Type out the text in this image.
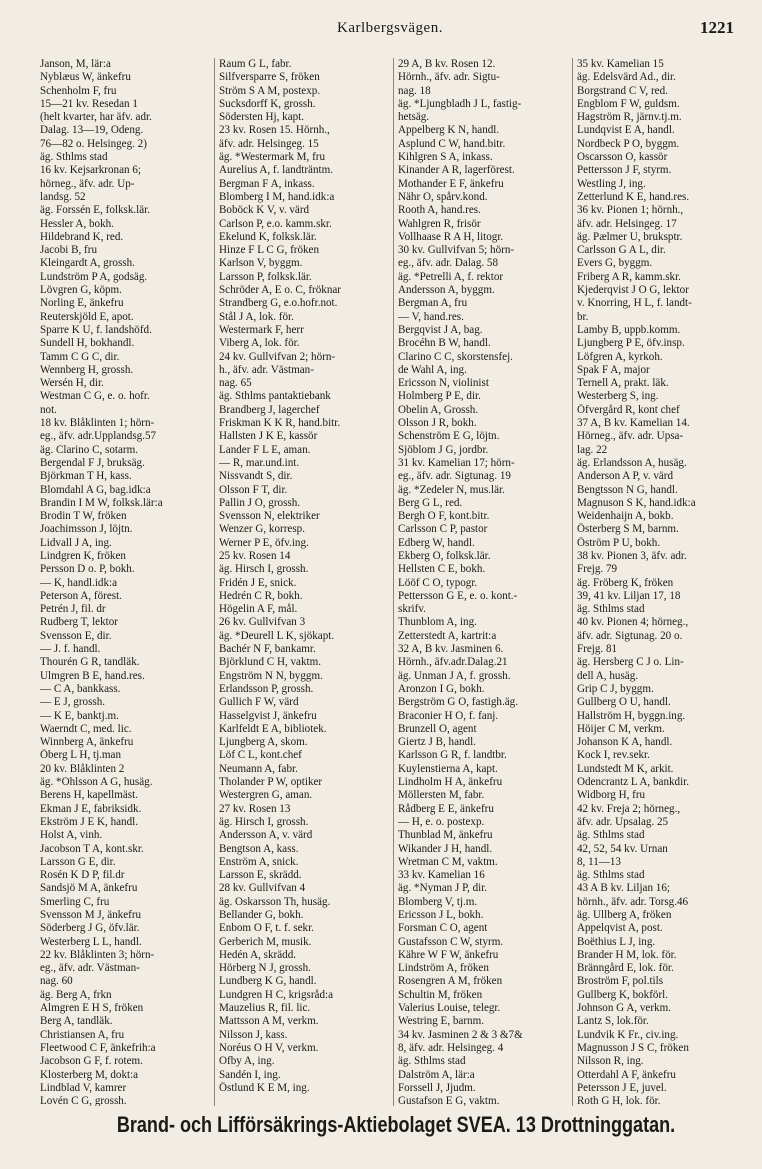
Karlbergsvägen.	1221
Janson, M, lär:a
Nyblæus W, änkefru
Schenholm F, fru
15—21 kv. Resedan 1
(helt kvarter, har äfv. adr.
Dalag. 13—19, Odeng.
76—82 o. Helsingeg. 2)
äg. Sthlms stad
16 kv. Kejsarkronan 6;
hörneg., äfv. adr. Up-
landsg. 52
äg. Forssén E, folksk.lär.
Hessler A, bokh.
Hildebrand K, red.
Jacobi B, fru
Kleingardt A, grossh.
Lundström P A, godsäg.
Lövgren G, köpm.
Norling E, änkefru
Reuterskjöld E, apot.
Sparre K U, f. landshöfd.
Sundell H, bokhandl.
Tamm C G C, dir.
Wennberg H, grossh.
Wersén H, dir.
Westman C G, e. o. hofr.
not.
18 kv. Blåklinten 1; hörn-
eg., äfv. adr.Upplandsg.57
äg. Clarino C, sotarm.
Bergendal F J, bruksäg.
Björkman T H, kass.
Blomdahl A G, bag.idk:a
Brandin I M W, folksk.lär:a
Brodin T W, fröken
Joachimsson J, löjtn.
Lidvall J A, ing.
Lindgren K, fröken
Persson D o. P, bokh.
— K, handl.idk:a
Peterson A, förest.
Petrén J, fil. dr
Rudberg T, lektor
Svensson E, dir.
— J. f. handl.
Thourén G R, tandläk.
Ulmgren B E, hand.res.
— C A, bankkass.
— E J, grossh.
— K E, banktj.m.
Waerndt C, med. lic.
Winnberg A, änkefru
Öberg L H, tj.man
20 kv. Blåklinten 2
äg. *Ohlsson A G, husäg.
Berens H, kapellmäst.
Ekman J E, fabriksidk.
Ekström J E K, handl.
Holst A, vinh.
Jacobson T A, kont.skr.
Larsson G E, dir.
Rosén K D P, fil.dr
Sandsjö M A, änkefru
Smerling C, fru
Svensson M J, änkefru
Söderberg J G, öfv.lär.
Westerberg L L, handl.
22 kv. Blåklinten 3; hörn-
eg., äfv. adr. Västman-
nag. 60
äg. Berg A, frkn
Almgren E H S, fröken
Berg A, tandläk.
Christiansen A, fru
Fleetwood C F, änkefrih:a
Jacobson G F, f. rotem.
Klosterberg M, dokt:a
Lindblad V, kamrer
Lovén C G, grossh.
Raum G L, fabr.
Silfversparre S, fröken
Ström S A M, postexp.
Sucksdorff K, grossh.
Södersten Hj, kapt.
23 kv. Rosen 15. Hörnh.,
äfv. adr. Helsingeg. 15
äg. *Westermark M, fru
Aurelius A, f. landträntm.
Bergman F A, inkass.
Blomberg I M, hand.idk:a
Boböck K V, v. värd
Carlson P, e.o. kamm.skr.
Ekelund K, folksk.lär.
Hinze F L C G, fröken
Karlson V, byggm.
Larsson P, folksk.lär.
Schröder A, E o. C, fröknar
Strandberg G, e.o.hofr.not.
Stål J A, lok. för.
Westermark F, herr
Viberg A, lok. för.
24 kv. Gullvifvan 2; hörn-
h., äfv. adr. Västman-
nag. 65
äg. Sthlms pantaktiebank
Brandberg J, lagerchef
Friskman K K R, hand.bitr.
Hallsten J K E, kassör
Lander F L E, aman.
— R, mar.und.int.
Nissvandt S, dir.
Olsson F T, dir.
Pallin J O, grossh.
Svensson N, elektriker
Wenzer G, korresp.
Werner P E, öfv.ing.
25 kv. Rosen 14
äg. Hirsch I, grossh.
Fridén J E, snick.
Hedrén C R, bokh.
Högelin A F, mål.
26 kv. Gullvifvan 3
äg. *Deurell L K, sjökapt.
Bachér N F, bankamr.
Björklund C H, vaktm.
Engström N N, byggm.
Erlandsson P, grossh.
Gullich F W, värd
Hasselgvist J, änkefru
Karlfeldt E A, bibliotek.
Ljungberg A, skom.
Löf C L, kont.chef
Neumann A, fabr.
Tholander P W, optiker
Westergren G, aman.
27 kv. Rosen 13
äg. Hirsch I, grossh.
Andersson A, v. värd
Bengtson A, kass.
Enström A, snick.
Larsson E, skrädd.
28 kv. Gullvifvan 4
äg. Oskarsson Th, husäg.
Bellander G, bokh.
Enbom O F, t. f. sekr.
Gerberich M, musik.
Hedén A, skrädd.
Hörberg N J, grossh.
Lundberg K G, handl.
Lundgren H C, krigsråd:a
Mauzelius R, fil. lic.
Mattsson A M, verkm.
Nilsson J, kass.
Noréus O H V, verkm.
Ofby A, ing.
Sandén I, ing.
Östlund K E M, ing.
29 A, B kv. Rosen 12.
Hörnh., äfv. adr. Sigtu-
nag. 18
äg. *Ljungbladh J L, fastig-
hetsäg.
Appelberg K N, handl.
Asplund C W, hand.bitr.
Kihlgren S A, inkass.
Kinander A R, lagerförest.
Mothander E F, änkefru
Nähr O, spårv.kond.
Rooth A, hand.res.
Wahlgren R, frisör
Vollhaase R A H, litogr.
30 kv. Gullvifvan 5; hörn-
eg., äfv. adr. Dalag. 58
äg. *Petrelli A, f. rektor
Andersson A, byggm.
Bergman A, fru
— V, hand.res.
Bergqvist J A, bag.
Brocéhn B W, handl.
Clarino C C, skorstensfej.
de Wahl A, ing.
Ericsson N, violinist
Holmberg P E, dir.
Obelin A, Grossh.
Olsson J R, bokh.
Schenström E G, löjtn.
Sjöblom J G, jordbr.
31 kv. Kamelian 17; hörn-
eg., äfv. adr. Sigtunag. 19
äg. *Zedeler N, mus.lär.
Berg G L, red.
Bergh O F, kont.bitr.
Carlsson C P, pastor
Edberg W, handl.
Ekberg O, folksk.lär.
Hellsten C E, bokh.
Lööf C O, typogr.
Pettersson G E, e. o. kont.-
skrifv.
Thunblom A, ing.
Zetterstedt A, kartrit:a
32 A, B kv. Jasminen 6.
Hörnh., äfv.adr.Dalag.21
äg. Unman J A, f. grossh.
Aronzon I G, bokh.
Bergström G O, fastigh.äg.
Braconier H O, f. fanj.
Brunzell O, agent
Giertz J B, handl.
Karlsson G R, f. landtbr.
Kuylenstierna A, kapt.
Lindholm H A, änkefru
Möllersten M, fabr.
Rådberg E E, änkefru
— H, e. o. postexp.
Thunblad M, änkefru
Wikander J H, handl.
Wretman C M, vaktm.
33 kv. Kamelian 16
äg. *Nyman J P, dir.
Blomberg V, tj.m.
Ericsson J L, bokh.
Forsman C O, agent
Gustafsson C W, styrm.
Kähre W F W, änkefru
Lindström A, fröken
Rosengren A M, fröken
Schultin M, fröken
Valerius Louise, telegr.
Westring E, barnm.
34 kv. Jasminen 2 & 3 &7&
8, äfv. adr. Helsingeg. 4
äg. Sthlms stad
Dalström A, lär:a
Forssell J, Jjudm.
Gustafson E G, vaktm.
35 kv. Kamelian 15
äg. Edelsvärd Ad., dir.
Borgstrand C V, red.
Engblom F W, guldsm.
Hagström R, järnv.tj.m.
Lundqvist E A, handl.
Nordbeck P O, byggm.
Oscarsson O, kassör
Pettersson J F, styrm.
Westling J, ing.
Zetterlund K E, hand.res.
36 kv. Pionen 1; hörnh.,
äfv. adr. Helsingeg. 17
äg. Pælmer U, bruksptr.
Carlsson G A L, dir.
Evers G, byggm.
Friberg A R, kamm.skr.
Kjederqvist J O G, lektor
v. Knorring, H L, f. landt-
br.
Lamby B, uppb.komm.
Ljungberg P E, öfv.insp.
Löfgren A, kyrkoh.
Spak F A, major
Ternell A, prakt. läk.
Westerberg S, ing.
Öfvergård R, kont chef
37 A, B kv. Kamelian 14.
Hörneg., äfv. adr. Upsa-
lag. 22
äg. Erlandsson A, husäg.
Anderson A P, v. värd
Bengtsson N G, handl.
Magnuson S K, hand.idk:a
Weidenhaijn A, bokb.
Österberg S M, barnm.
Öström P U, bokh.
38 kv. Pionen 3, äfv. adr.
Frejg. 79
äg. Fröberg K, fröken
39, 41 kv. Liljan 17, 18
äg. Sthlms stad
40 kv. Pionen 4; hörneg.,
äfv. adr. Sigtunag. 20 o.
Frejg. 81
äg. Hersberg C J o. Lin-
dell A, husäg.
Grip C J, byggm.
Gullberg O U, handl.
Hallström H, byggn.ing.
Höijer C M, verkm.
Johanson K A, handl.
Kock I, rev.sekr.
Lundstedt M K, arkit.
Odencrantz L A, bankdir.
Widborg H, fru
42 kv. Freja 2; hörneg.,
äfv. adr. Upsalag. 25
äg. Sthlms stad
42, 52, 54 kv. Urnan
8, 11—13
äg. Sthlms stad
43 A B kv. Liljan 16;
hörnh., äfv. adr. Torsg.46
äg. Ullberg A, fröken
Appelqvist A, post.
Boëthius L J, ing.
Brander H M, lok. för.
Bränngård E, lok. för.
Broström F, pol.tils
Gullberg K, bokförl.
Johnson G A, verkm.
Lantz S, lok.för.
Lundvik K Fr., civ.ing.
Magnusson J S C, fröken
Nilsson R, ing.
Otterdahl A F, änkefru
Petersson J E, juvel.
Roth G H, lok. för.
Brand- och Lifförsäkrings-Aktiebolaget SVEA. 13 Drottninggatan.
